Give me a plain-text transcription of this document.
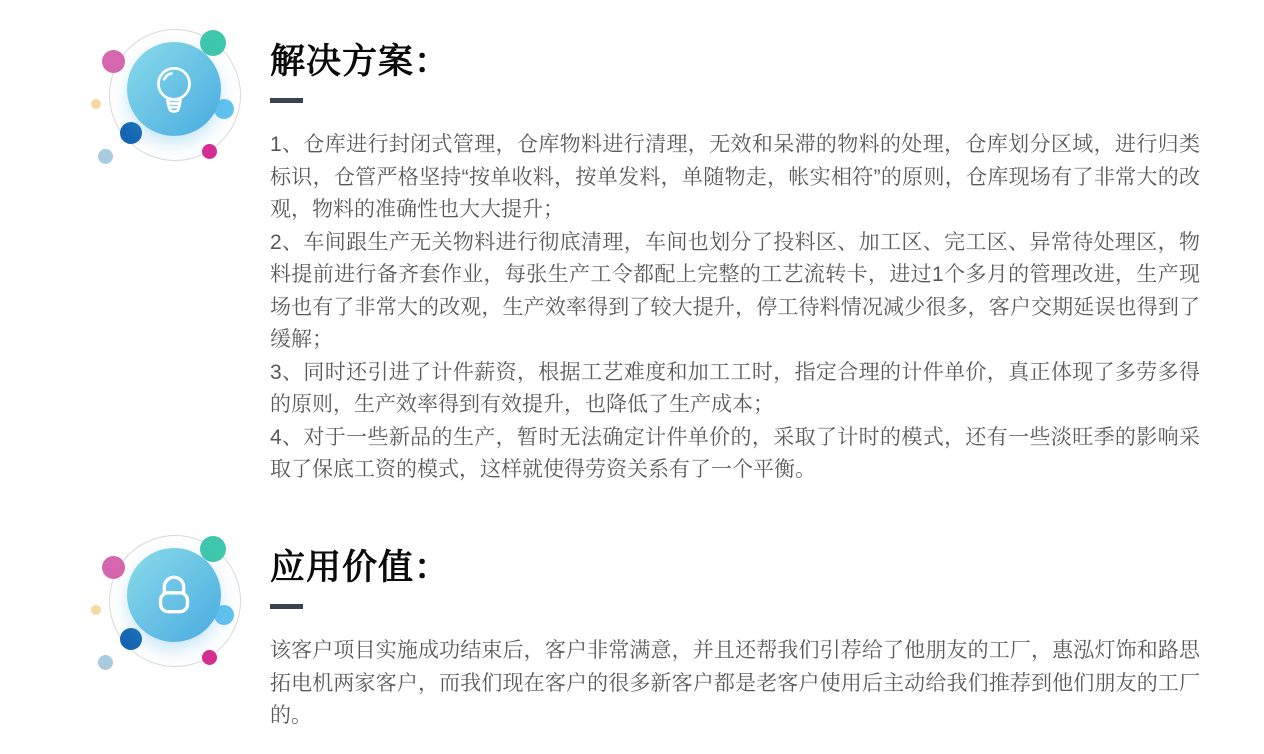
解决方案：

1、仓库进行封闭式管理，仓库物料进行清理，无效和呆滞的物料的处理，仓库划分区域，进行归类标识，仓管严格坚持“按单收料，按单发料，单随物走，帐实相符”的原则，仓库现场有了非常大的改观，物料的准确性也大大提升；

2、车间跟生产无关物料进行彻底清理，车间也划分了投料区、加工区、完工区、异常待处理区，物料提前进行备齐套作业，每张生产工令都配上完整的工艺流转卡，进过1个多月的管理改进，生产现场也有了非常大的改观，生产效率得到了较大提升，停工待料情况减少很多，客户交期延误也得到了缓解；

3、同时还引进了计件薪资，根据工艺难度和加工工时，指定合理的计件单价，真正体现了多劳多得的原则，生产效率得到有效提升，也降低了生产成本；

4、对于一些新品的生产，暂时无法确定计件单价的，采取了计时的模式，还有一些淡旺季的影响采取了保底工资的模式，这样就使得劳资关系有了一个平衡。

应用价值：

该客户项目实施成功结束后，客户非常满意，并且还帮我们引荐给了他朋友的工厂，惠泓灯饰和路思拓电机两家客户，而我们现在客户的很多新客户都是老客户使用后主动给我们推荐到他们朋友的工厂的。
